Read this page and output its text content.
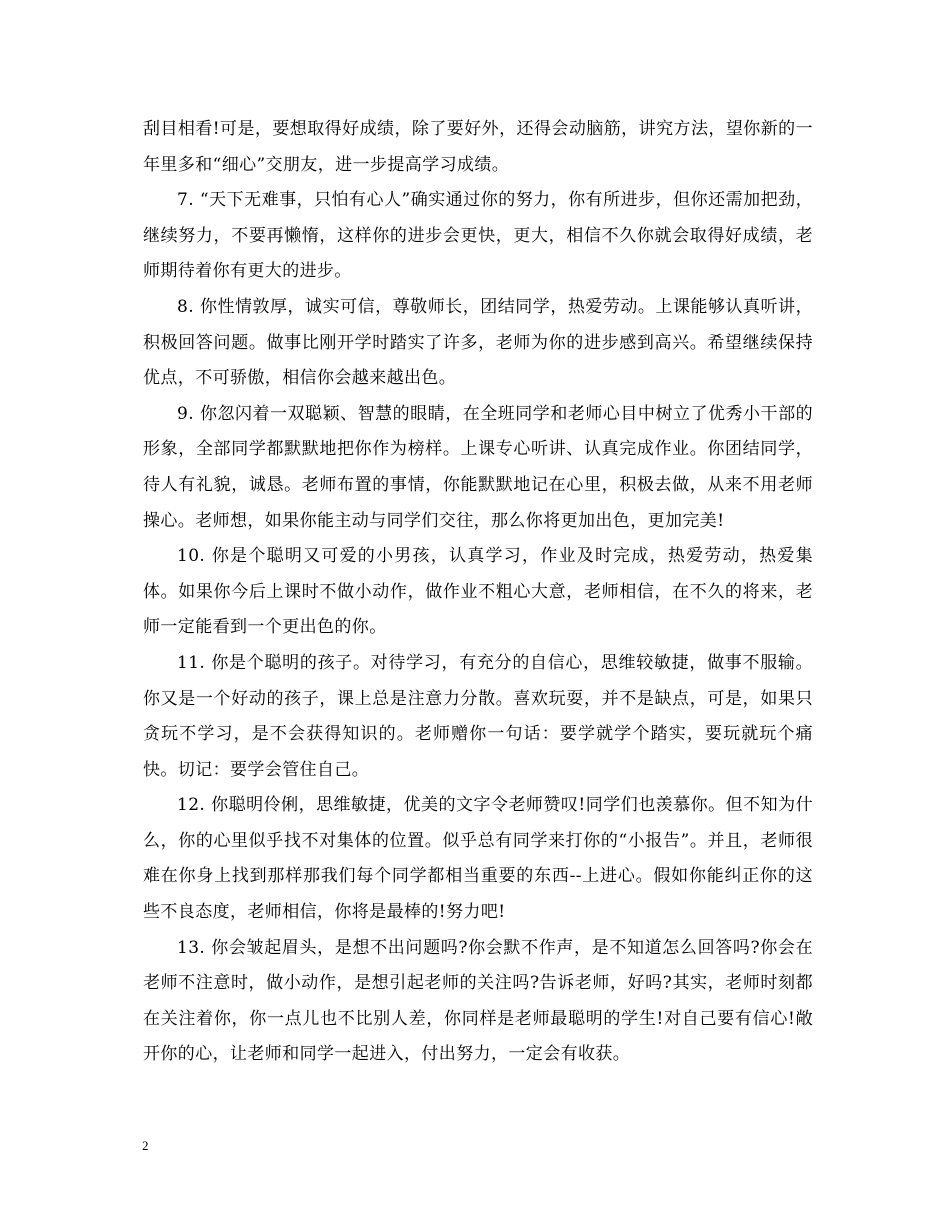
刮目相看!可是，要想取得好成绩，除了要好外，还得会动脑筋，讲究方法，望你新的一年里多和“细心”交朋友，进一步提高学习成绩。

7. “天下无难事，只怕有心人”确实通过你的努力，你有所进步，但你还需加把劲，继续努力，不要再懒惰，这样你的进步会更快，更大，相信不久你就会取得好成绩，老师期待着你有更大的进步。

8. 你性情敦厚，诚实可信，尊敬师长，团结同学，热爱劳动。上课能够认真听讲，积极回答问题。做事比刚开学时踏实了许多，老师为你的进步感到高兴。希望继续保持优点，不可骄傲，相信你会越来越出色。

9. 你忽闪着一双聪颖、智慧的眼睛，在全班同学和老师心目中树立了优秀小干部的形象，全部同学都默默地把你作为榜样。上课专心听讲、认真完成作业。你团结同学，待人有礼貌，诚恳。老师布置的事情，你能默默地记在心里，积极去做，从来不用老师操心。老师想，如果你能主动与同学们交往，那么你将更加出色，更加完美!

10. 你是个聪明又可爱的小男孩，认真学习，作业及时完成，热爱劳动，热爱集体。如果你今后上课时不做小动作，做作业不粗心大意，老师相信，在不久的将来，老师一定能看到一个更出色的你。

11. 你是个聪明的孩子。对待学习，有充分的自信心，思维较敏捷，做事不服输。你又是一个好动的孩子，课上总是注意力分散。喜欢玩耍，并不是缺点，可是，如果只贪玩不学习，是不会获得知识的。老师赠你一句话：要学就学个踏实，要玩就玩个痛快。切记：要学会管住自己。

12. 你聪明伶俐，思维敏捷，优美的文字令老师赞叹!同学们也羡慕你。但不知为什么，你的心里似乎找不对集体的位置。似乎总有同学来打你的“小报告”。并且，老师很难在你身上找到那样那我们每个同学都相当重要的东西--上进心。假如你能纠正你的这些不良态度，老师相信，你将是最棒的!努力吧!

13. 你会皱起眉头，是想不出问题吗?你会默不作声，是不知道怎么回答吗?你会在老师不注意时，做小动作，是想引起老师的关注吗?告诉老师，好吗?其实，老师时刻都在关注着你，你一点儿也不比别人差，你同样是老师最聪明的学生!对自己要有信心!敞开你的心，让老师和同学一起进入，付出努力，一定会有收获。

2
